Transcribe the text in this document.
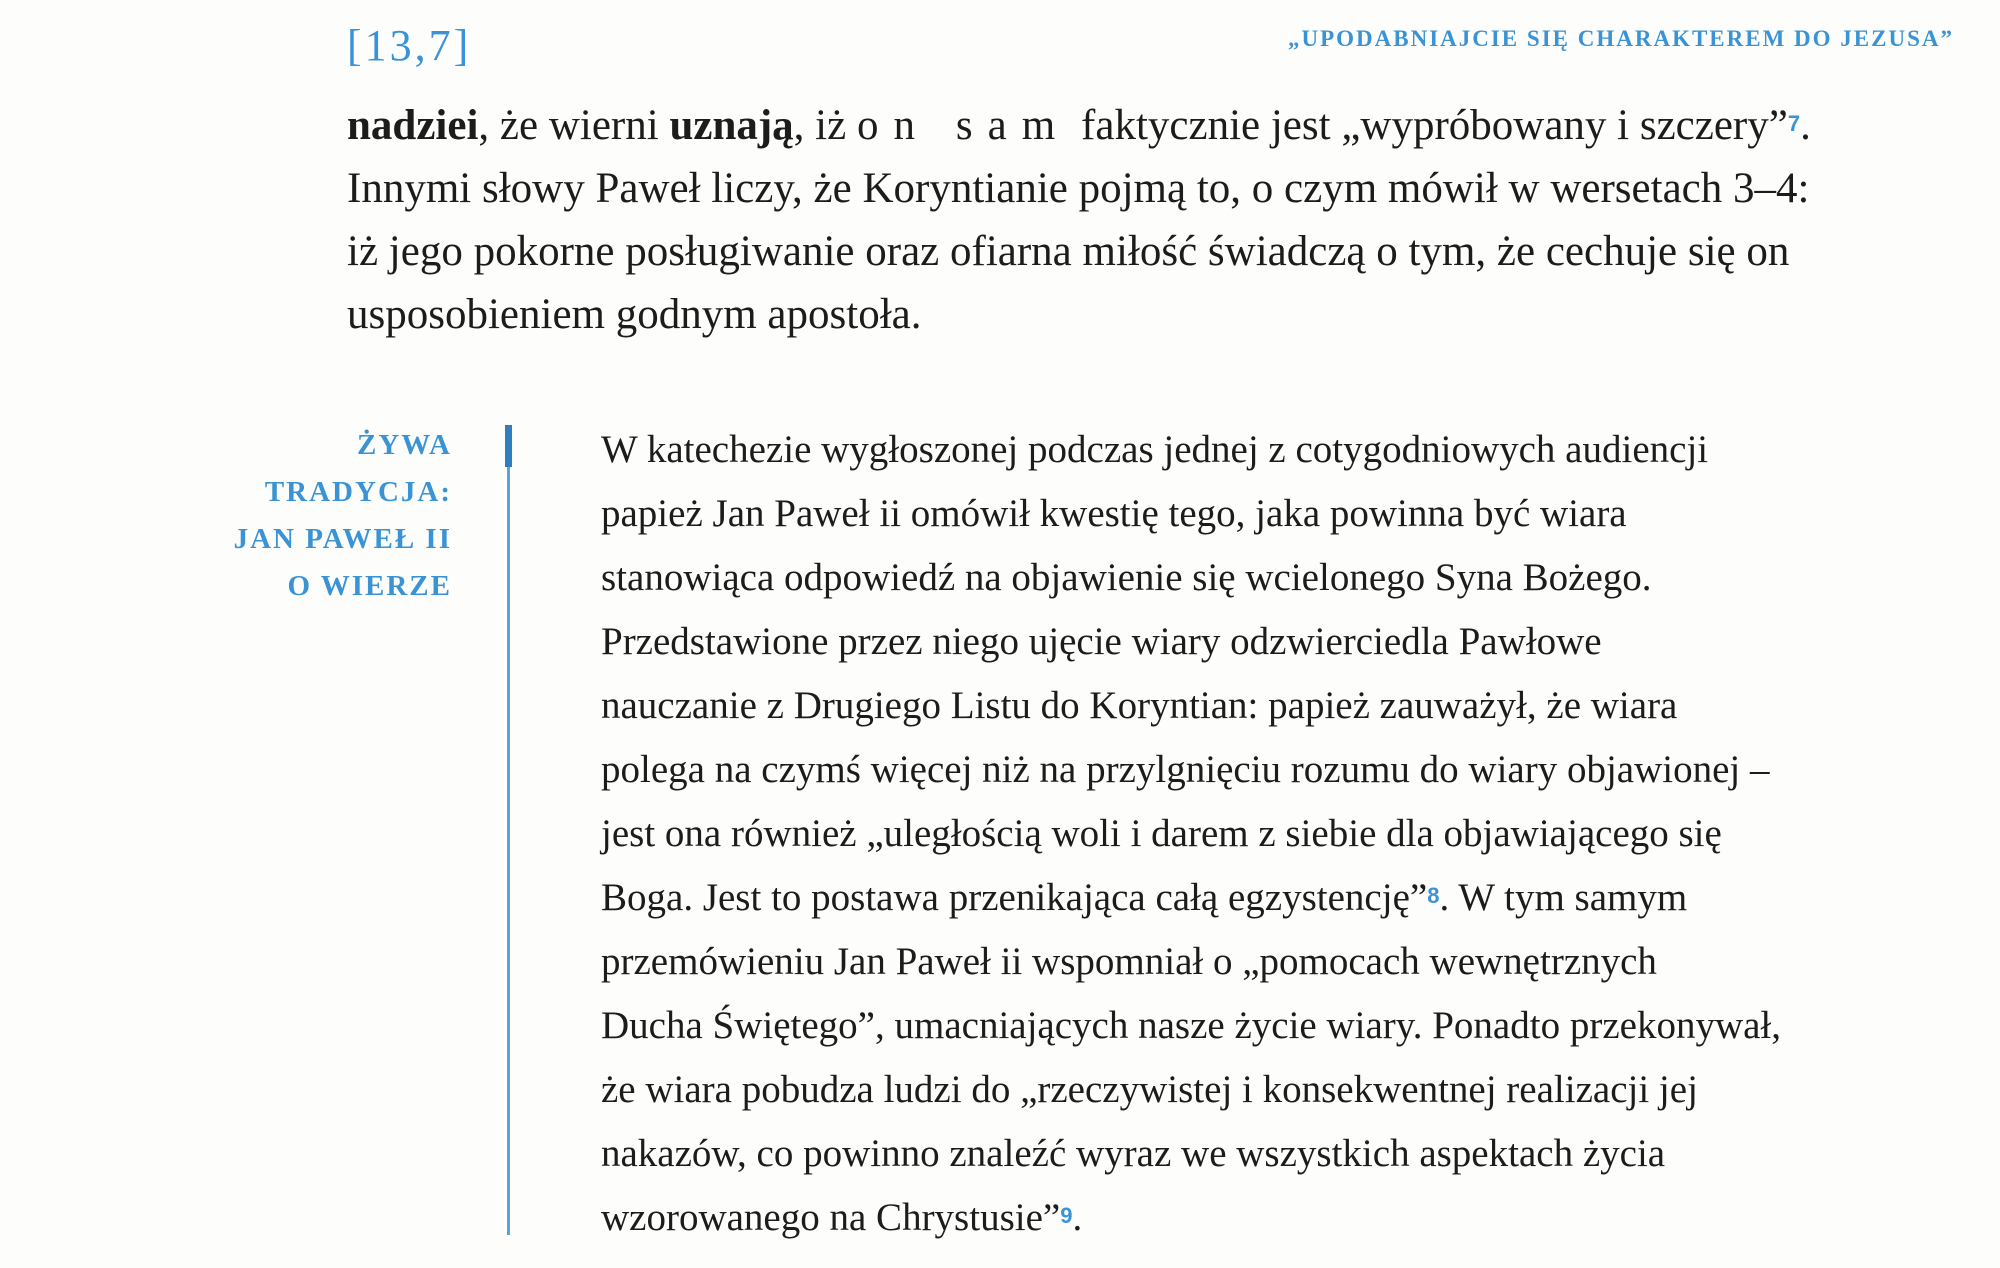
[13,7]	„UPODABNIAJCIE SIĘ CHARAKTEREM DO JEZUSA”
nadziei, że wierni uznają, iż on sam faktycznie jest „wypróbowany i szczery”$^7$.
Innymi słowy Paweł liczy, że Koryntianie pojmą to, o czym mówił w wersetach 3–4:
iż jego pokorne posługiwanie oraz ofiarna miłość świadczą o tym, że cechuje się on
usposobieniem godnym apostoła.
ŻYWA
TRADYCJA:
JAN PAWEŁ II
O WIERZE
W katechezie wygłoszonej podczas jednej z cotygodniowych audiencji
papież Jan Paweł ii omówił kwestię tego, jaka powinna być wiara
stanowiąca odpowiedź na objawienie się wcielonego Syna Bożego.
Przedstawione przez niego ujęcie wiary odzwierciedla Pawłowe
nauczanie z Drugiego Listu do Koryntian: papież zauważył, że wiara
polega na czymś więcej niż na przylgnięciu rozumu do wiary objawionej –
jest ona również „uległością woli i darem z siebie dla objawiającego się
Boga. Jest to postawa przenikająca całą egzystencję”$^8$. W tym samym
przemówieniu Jan Paweł ii wspomniał o „pomocach wewnętrznych
Ducha Świętego”, umacniających nasze życie wiary. Ponadto przekonywał,
że wiara pobudza ludzi do „rzeczywistej i konsekwentnej realizacji jej
nakazów, co powinno znaleźć wyraz we wszystkich aspektach życia
wzorowanego na Chrystusie”$^9$.
